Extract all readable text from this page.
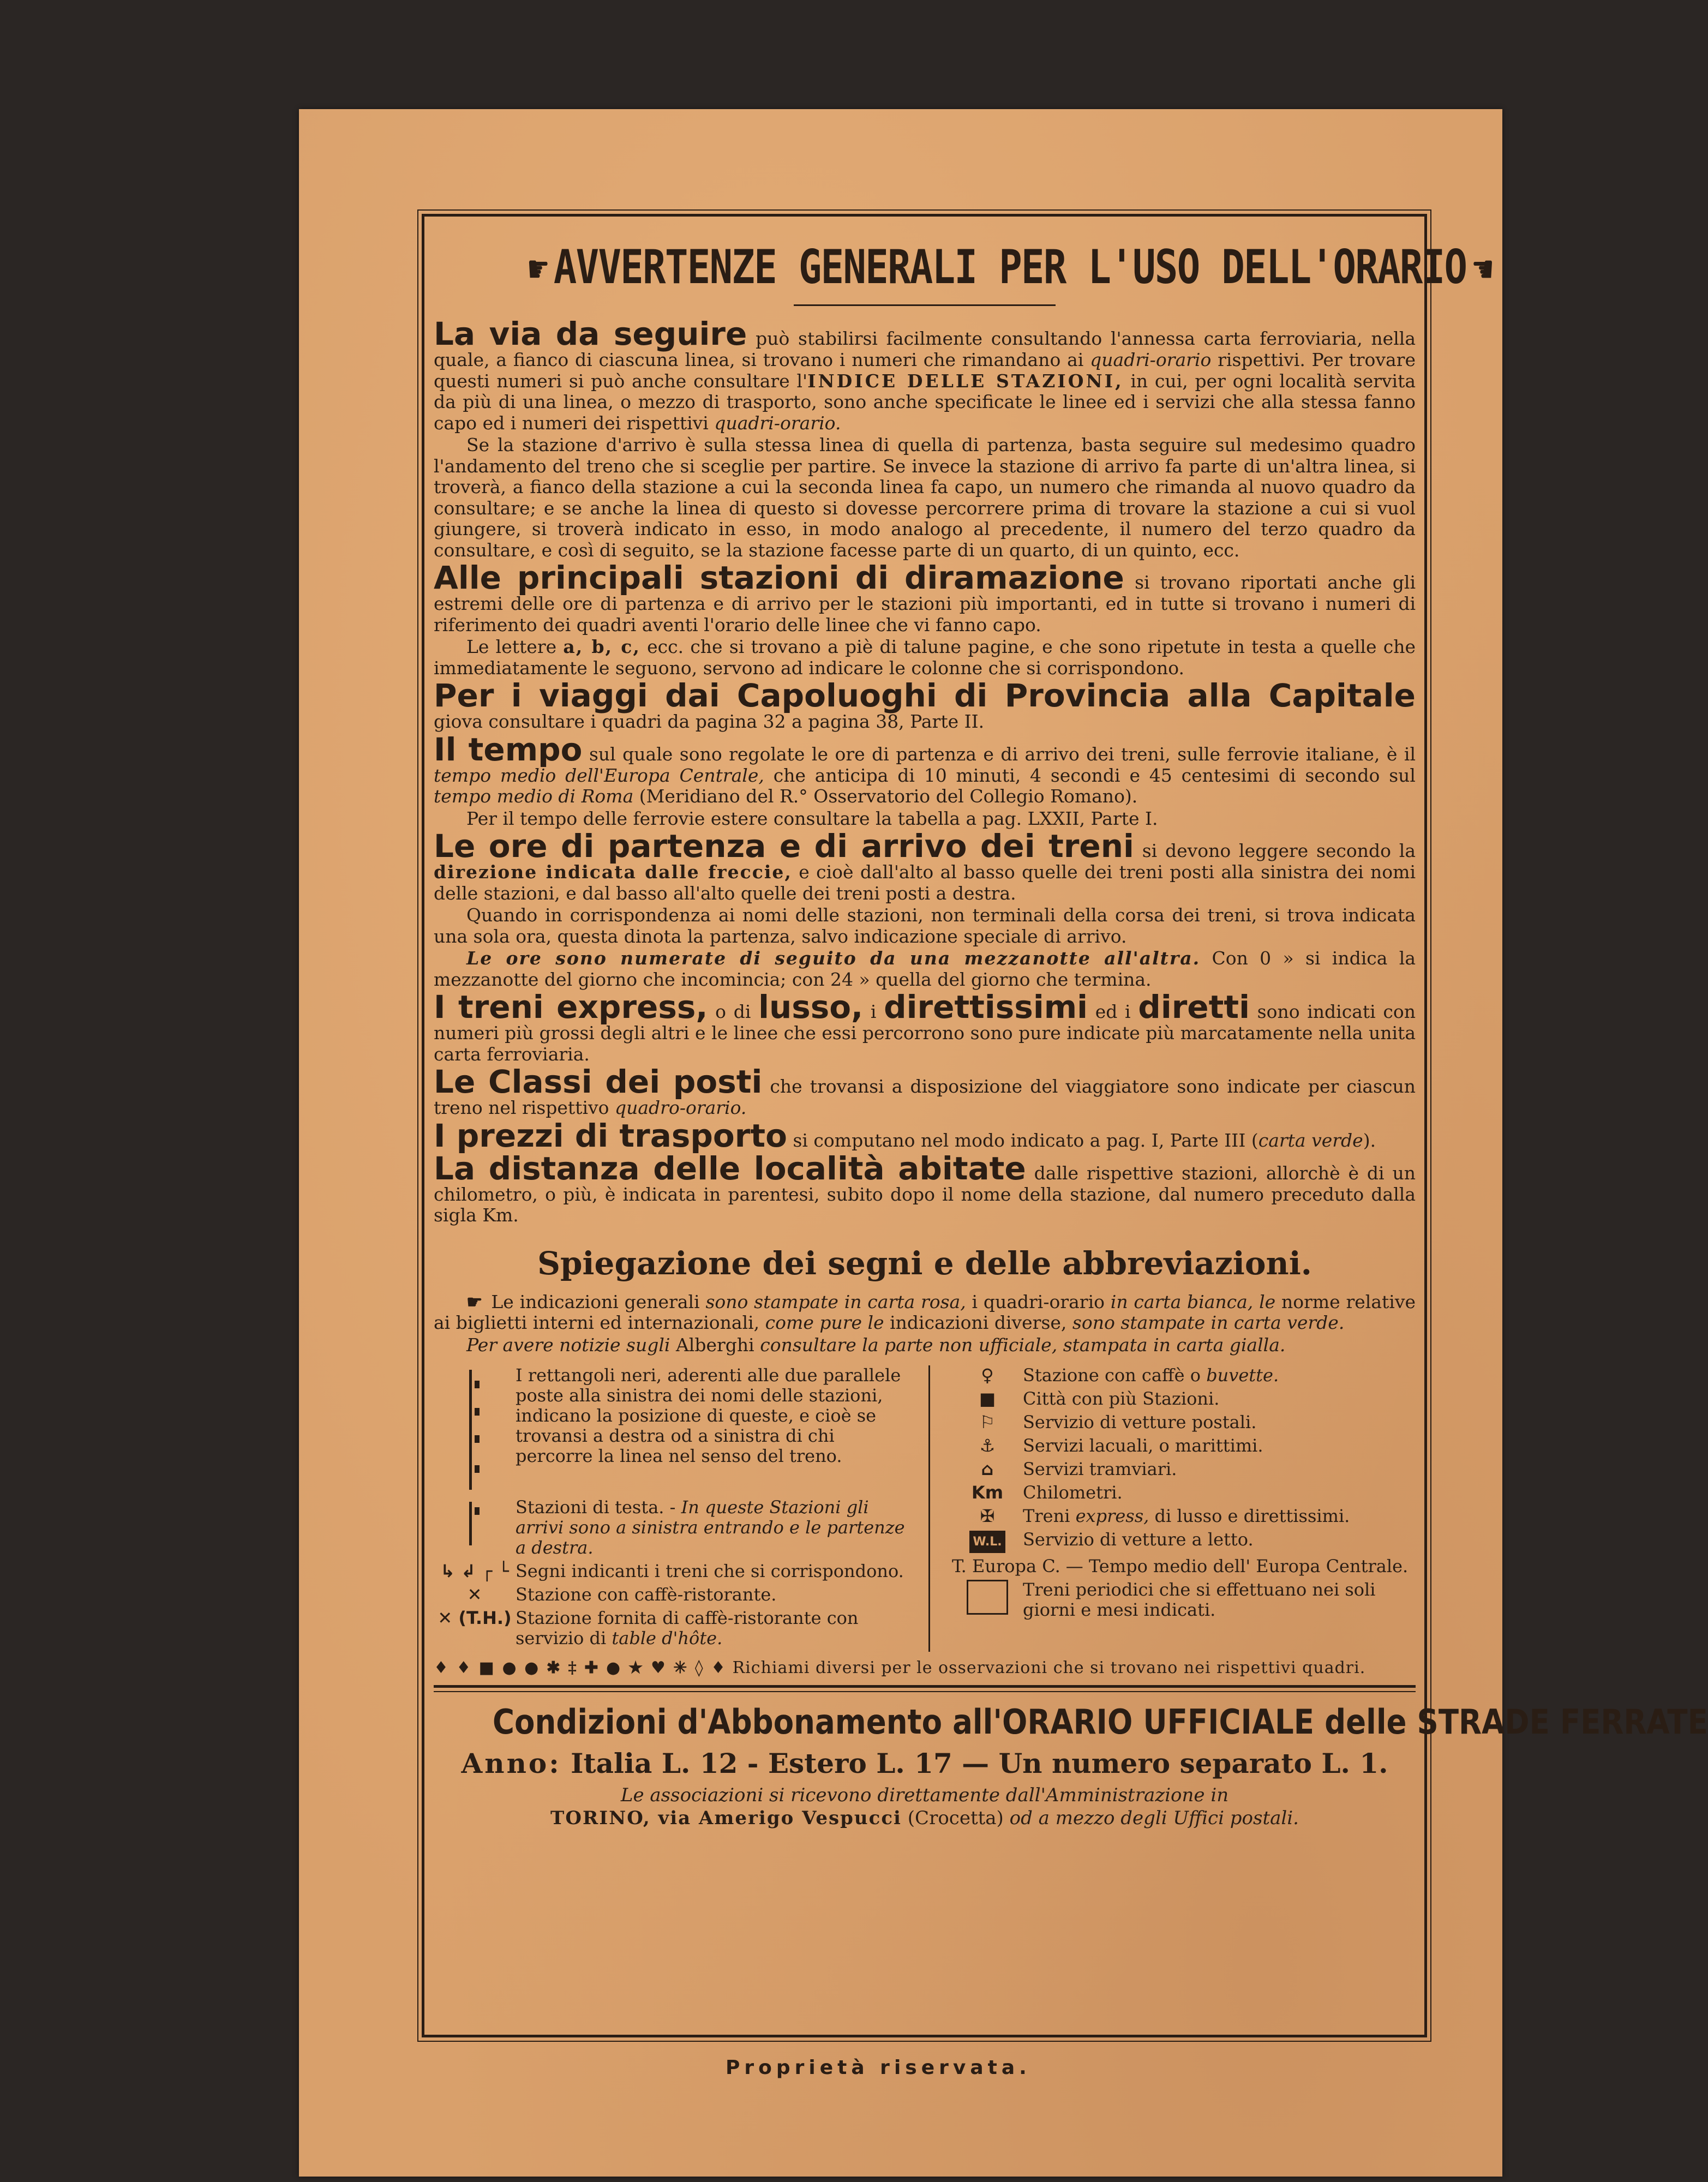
☛ AVVERTENZE GENERALI PER L'USO DELL'ORARIO ☚

La via da seguire può stabilirsi facilmente consultando l'annessa carta ferroviaria, nella quale, a fianco di ciascuna linea, si trovano i numeri che rimandano ai quadri-orario rispettivi. Per trovare questi numeri si può anche consultare l'INDICE DELLE STAZIONI, in cui, per ogni località servita da più di una linea, o mezzo di trasporto, sono anche specificate le linee ed i servizi che alla stessa fanno capo ed i numeri dei rispettivi quadri-orario.

Se la stazione d'arrivo è sulla stessa linea di quella di partenza, basta seguire sul medesimo quadro l'andamento del treno che si sceglie per partire. Se invece la stazione di arrivo fa parte di un'altra linea, si troverà, a fianco della stazione a cui la seconda linea fa capo, un numero che rimanda al nuovo quadro da consultare; e se anche la linea di questo si dovesse percorrere prima di trovare la stazione a cui si vuol giungere, si troverà indicato in esso, in modo analogo al precedente, il numero del terzo quadro da consultare, e così di seguito, se la stazione facesse parte di un quarto, di un quinto, ecc.

Alle principali stazioni di diramazione si trovano riportati anche gli estremi delle ore di partenza e di arrivo per le stazioni più importanti, ed in tutte si trovano i numeri di riferimento dei quadri aventi l'orario delle linee che vi fanno capo.

Le lettere a, b, c, ecc. che si trovano a piè di talune pagine, e che sono ripetute in testa a quelle che immediatamente le seguono, servono ad indicare le colonne che si corrispondono.

Per i viaggi dai Capoluoghi di Provincia alla Capitale giova consultare i quadri da pagina 32 a pagina 38, Parte II.

Il tempo sul quale sono regolate le ore di partenza e di arrivo dei treni, sulle ferrovie italiane, è il tempo medio dell'Europa Centrale, che anticipa di 10 minuti, 4 secondi e 45 centesimi di secondo sul tempo medio di Roma (Meridiano del R.° Osservatorio del Collegio Romano).

Per il tempo delle ferrovie estere consultare la tabella a pag. LXXII, Parte I.

Le ore di partenza e di arrivo dei treni si devono leggere secondo la direzione indicata dalle freccie, e cioè dall'alto al basso quelle dei treni posti alla sinistra dei nomi delle stazioni, e dal basso all'alto quelle dei treni posti a destra.

Quando in corrispondenza ai nomi delle stazioni, non terminali della corsa dei treni, si trova indicata una sola ora, questa dinota la partenza, salvo indicazione speciale di arrivo.

Le ore sono numerate di seguito da una mezzanotte all'altra. Con 0 » si indica la mezzanotte del giorno che incomincia; con 24 » quella del giorno che termina.

I treni express, o di lusso, i direttissimi ed i diretti sono indicati con numeri più grossi degli altri e le linee che essi percorrono sono pure indicate più marcatamente nella unita carta ferroviaria.

Le Classi dei posti che trovansi a disposizione del viaggiatore sono indicate per ciascun treno nel rispettivo quadro-orario.

I prezzi di trasporto si computano nel modo indicato a pag. I, Parte III (carta verde).

La distanza delle località abitate dalle rispettive stazioni, allorchè è di un chilometro, o più, è indicata in parentesi, subito dopo il nome della stazione, dal numero preceduto dalla sigla Km.

Spiegazione dei segni e delle abbreviazioni.

☛ Le indicazioni generali sono stampate in carta rosa, i quadri-orario in carta bianca, le norme relative ai biglietti interni ed internazionali, come pure le indicazioni diverse, sono stampate in carta verde.

Per avere notizie sugli Alberghi consultare la parte non ufficiale, stampata in carta gialla.

I rettangoli neri, aderenti alle due parallele poste alla sinistra dei nomi delle stazioni, indicano la posizione di queste, e cioè se trovansi a destra od a sinistra di chi percorre la linea nel senso del treno.
Stazioni di testa. - In queste Stazioni gli arrivi sono a sinistra entrando e le partenze a destra.
↳ ↲ ┌ └ Segni indicanti i treni che si corrispondono.
✕	Stazione con caffè-ristorante.
✕ (T.H.) Stazione fornita di caffè-ristorante con servizio di table d'hôte.
♀	Stazione con caffè o buvette.
■	Città con più Stazioni.
⚐	Servizio di vetture postali.
⚓	Servizi lacuali, o marittimi.
⌂	Servizi tramviari.
Km	Chilometri.
✠	Treni express, di lusso e direttissimi.
W.L.	Servizio di vetture a letto.
T. Europa C. — Tempo medio dell' Europa Centrale.
Treni periodici che si effettuano nei soli giorni e mesi indicati.
♦ ♦ ■ ● ● ✱ ‡ ✚ ● ★ ♥ ✳ ◊ ♦ Richiami diversi per le osservazioni che si trovano nei rispettivi quadri.
Condizioni d'Abbonamento all'ORARIO UFFICIALE delle STRADE FERRATE
Anno: Italia L. 12 - Estero L. 17 — Un numero separato L. 1.
Le associazioni si ricevono direttamente dall'Amministrazione in
TORINO, via Amerigo Vespucci (Crocetta) od a mezzo degli Uffici postali.
Proprietà riservata.
